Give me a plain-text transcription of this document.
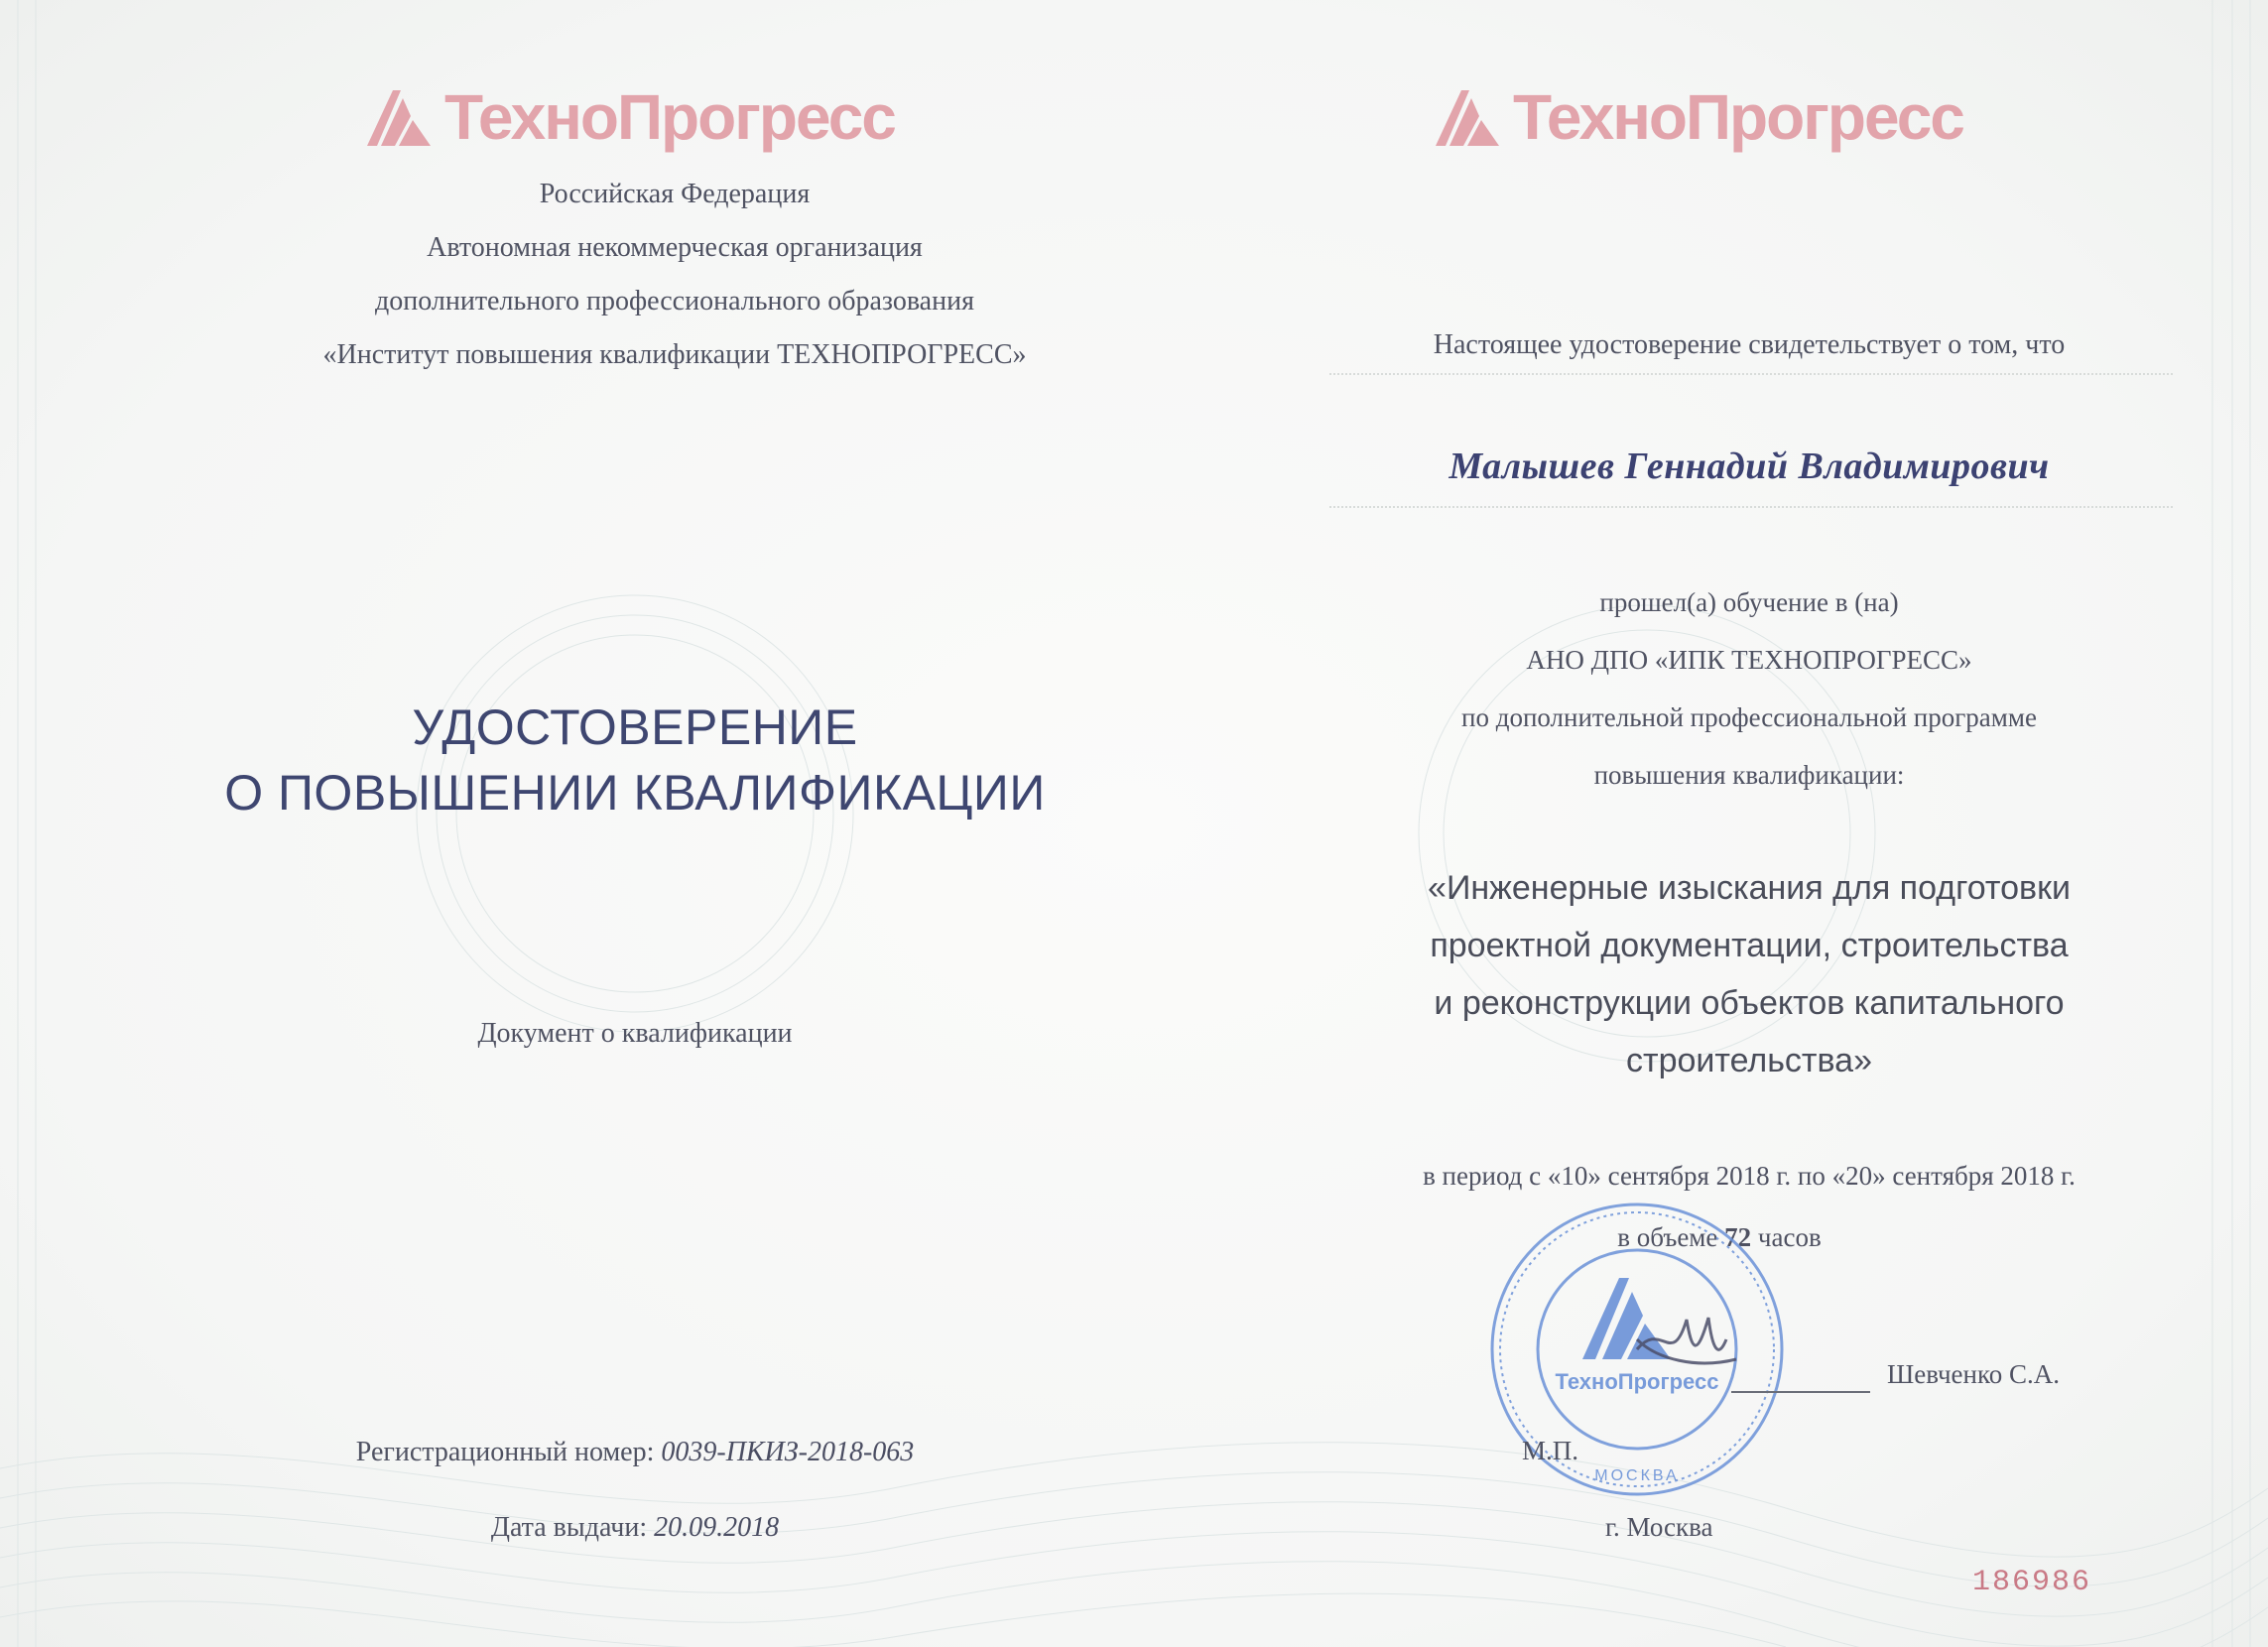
ТехноПрогресс
Российская Федерация
Автономная некоммерческая организация
дополнительного профессионального образования
«Институт повышения квалификации ТЕХНОПРОГРЕСС»
УДОСТОВЕРЕНИЕ
О ПОВЫШЕНИИ КВАЛИФИКАЦИИ
Документ о квалификации
Регистрационный номер: 0039-ПКИЗ-2018-063
Дата выдачи: 20.09.2018
ТехноПрогресс
Настоящее удостоверение свидетельствует о том, что
Малышев Геннадий Владимирович
прошел(а) обучение в (на)
АНО ДПО «ИПК ТЕХНОПРОГРЕСС»
по дополнительной профессиональной программе
повышения квалификации:
«Инженерные изыскания для подготовки
проектной документации, строительства
и реконструкции объектов капитального
строительства»
в период с «10» сентября 2018 г. по «20» сентября 2018 г.
в объеме 72 часов
ТехноПрогресс
МОСКВА
Шевченко С.А.
М.П.
г. Москва
186986
